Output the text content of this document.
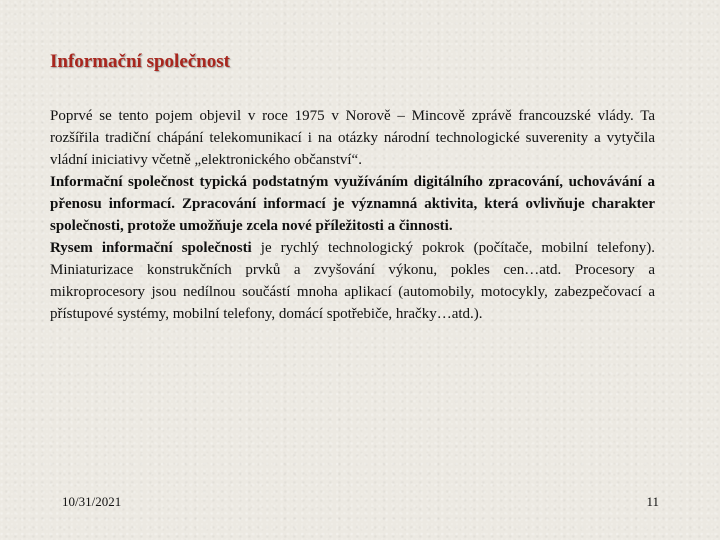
Informační společnost

Poprvé se tento pojem objevil v roce 1975 v Norově – Mincově zprávě francouzské vlády. Ta rozšířila tradiční chápání telekomunikací i na otázky národní technologické suverenity a vytyčila vládní iniciativy včetně „elektronického občanství“.

Informační společnost typická podstatným využíváním digitálního zpracování, uchovávání a přenosu informací. Zpracování informací je významná aktivita, která ovlivňuje charakter společnosti, protože umožňuje zcela nové příležitosti a činnosti.

Rysem informační společnosti je rychlý technologický pokrok (počítače, mobilní telefony). Miniaturizace konstrukčních prvků a zvyšování výkonu, pokles cen…atd. Procesory a mikroprocesory jsou nedílnou součástí mnoha aplikací (automobily, motocykly, zabezpečovací a přístupové systémy, mobilní telefony, domácí spotřebiče, hračky…atd.).

10/31/2021	11
